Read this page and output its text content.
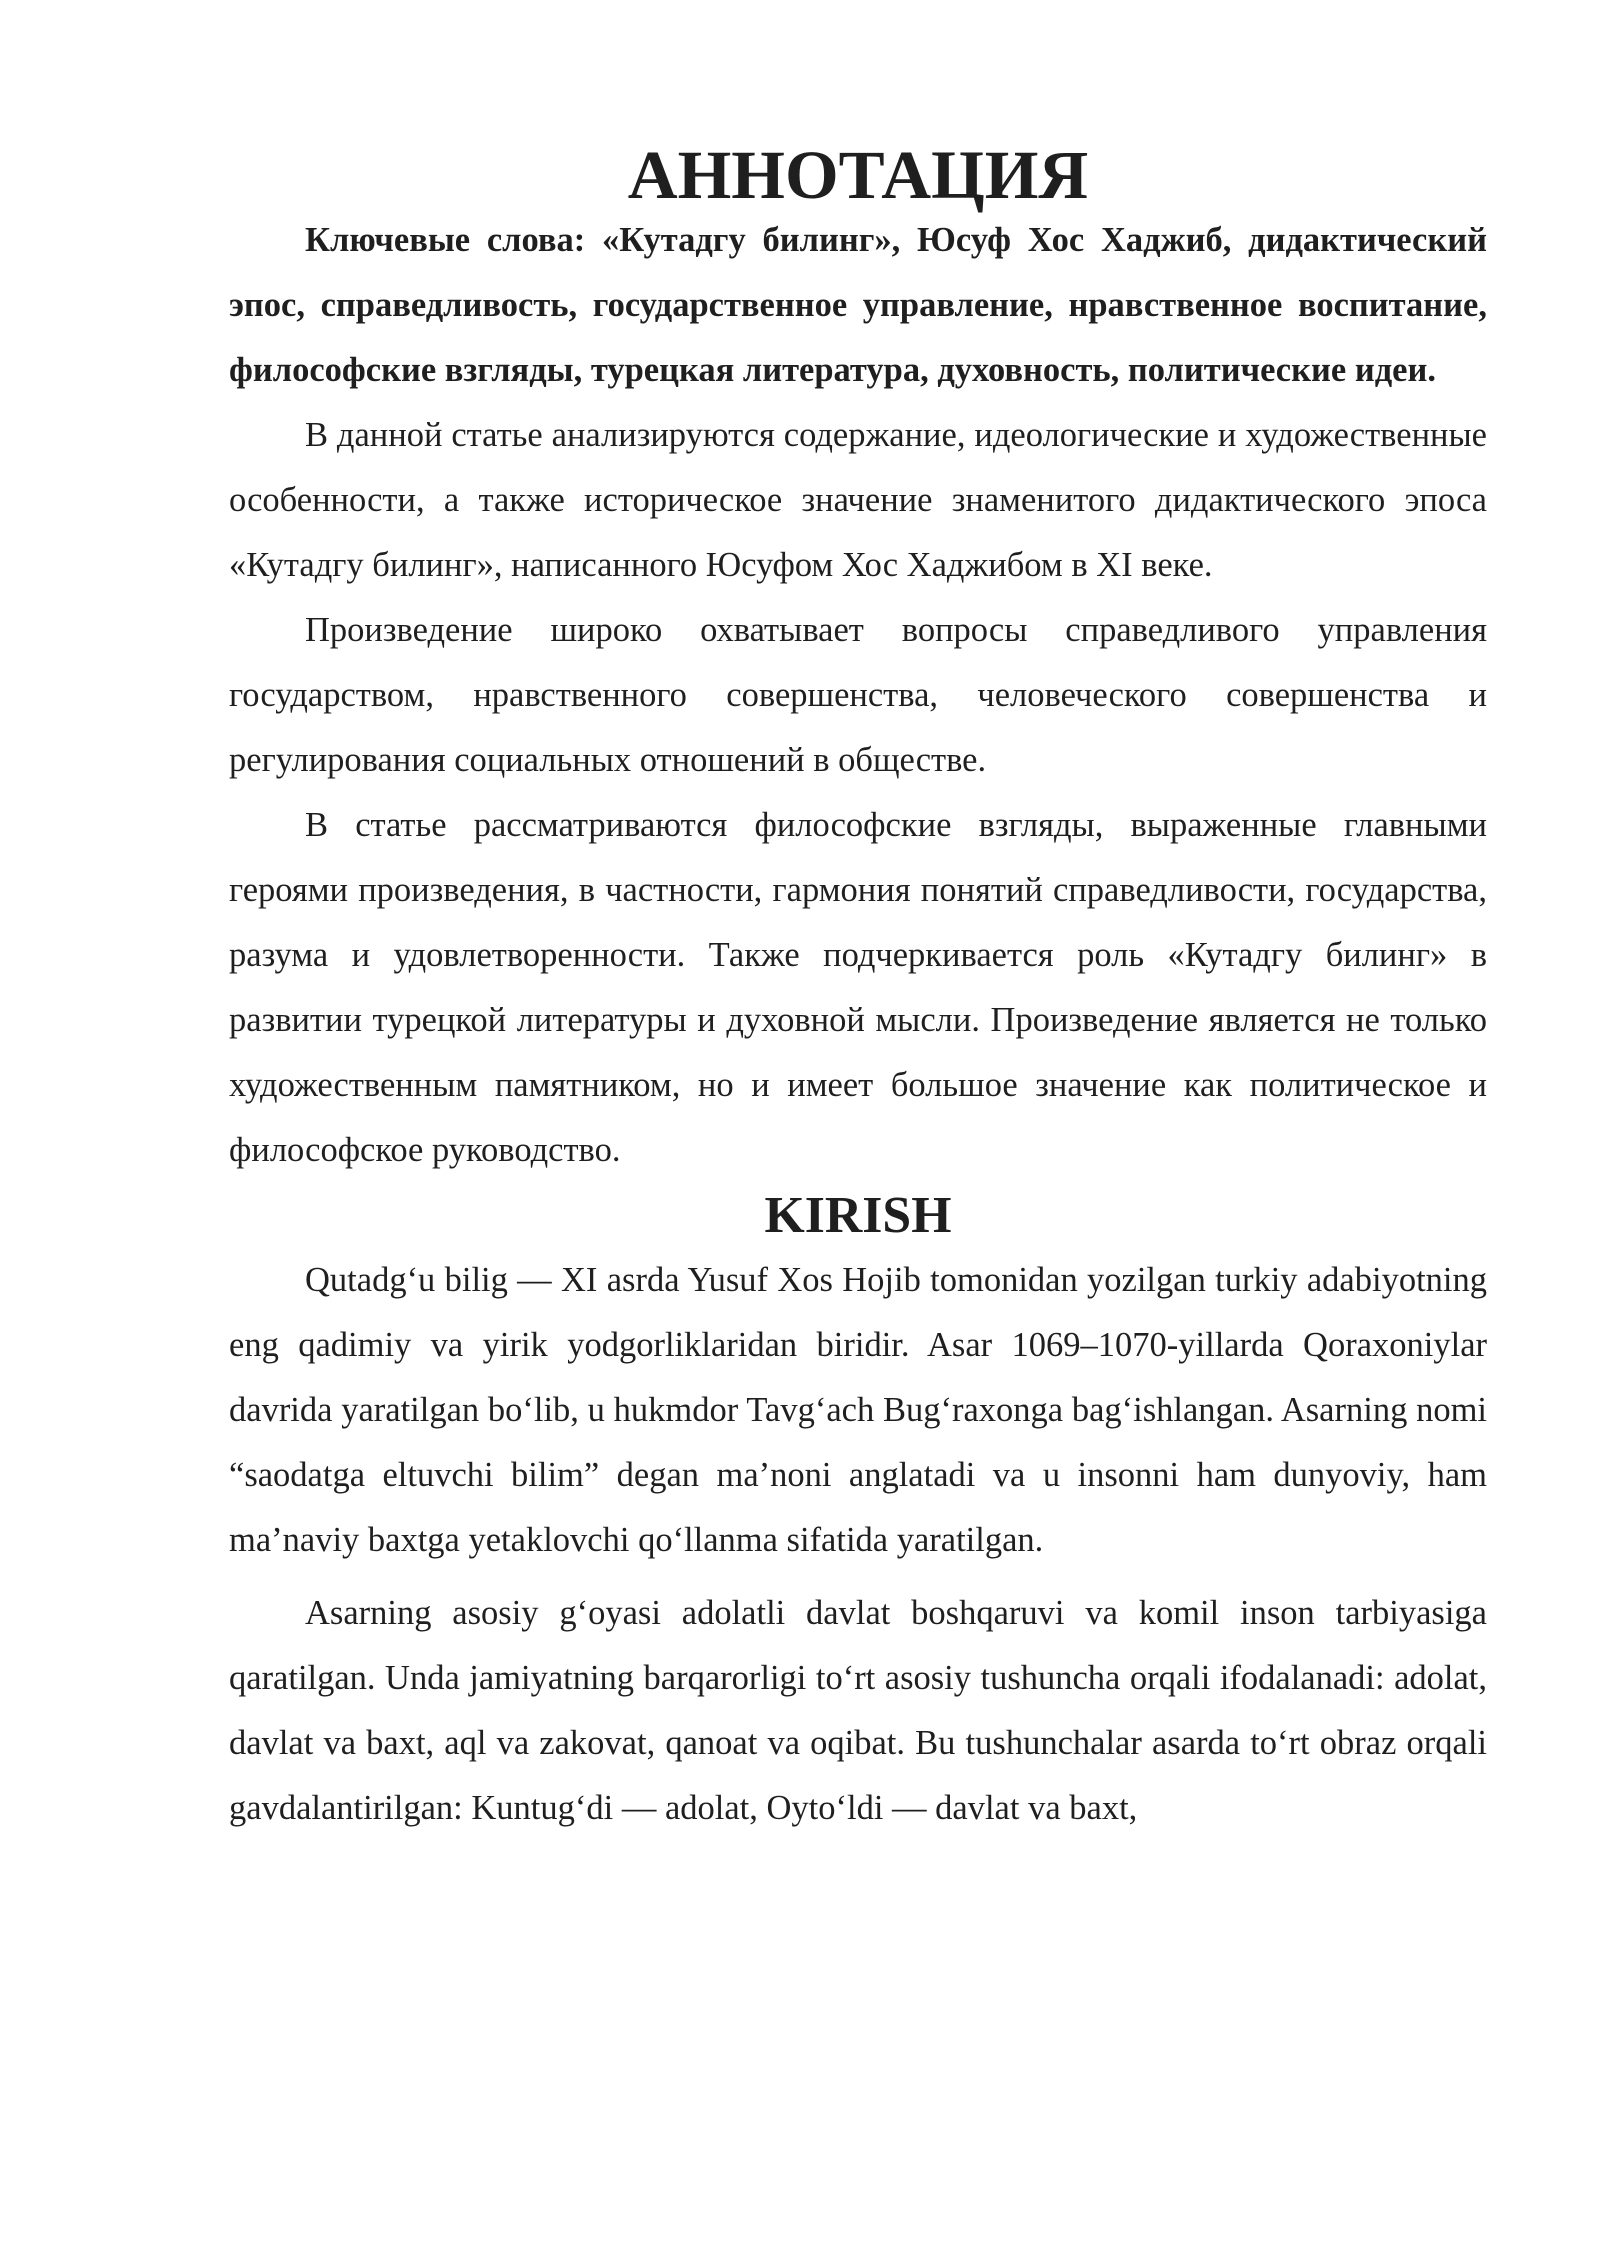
АННОТАЦИЯ

Ключевые слова: «Кутадгу билинг», Юсуф Хос Хаджиб, дидактический эпос, справедливость, государственное управление, нравственное воспитание, философские взгляды, турецкая литература, духовность, политические идеи.

В данной статье анализируются содержание, идеологические и художественные особенности, а также историческое значение знаменитого дидактического эпоса «Кутадгу билинг», написанного Юсуфом Хос Хаджибом в XI веке.

Произведение широко охватывает вопросы справедливого управления государством, нравственного совершенства, человеческого совершенства и регулирования социальных отношений в обществе.

В статье рассматриваются философские взгляды, выраженные главными героями произведения, в частности, гармония понятий справедливости, государства, разума и удовлетворенности. Также подчеркивается роль «Кутадгу билинг» в развитии турецкой литературы и духовной мысли. Произведение является не только художественным памятником, но и имеет большое значение как политическое и философское руководство.

KIRISH

Qutadg‘u bilig — XI asrda Yusuf Xos Hojib tomonidan yozilgan turkiy adabiyotning eng qadimiy va yirik yodgorliklaridan biridir. Asar 1069–1070-yillarda Qoraxoniylar davrida yaratilgan bo‘lib, u hukmdor Tavg‘ach Bug‘raxonga bag‘ishlangan. Asarning nomi “saodatga eltuvchi bilim” degan ma’noni anglatadi va u insonni ham dunyoviy, ham ma’naviy baxtga yetaklovchi qo‘llanma sifatida yaratilgan.

Asarning asosiy g‘oyasi adolatli davlat boshqaruvi va komil inson tarbiyasiga qaratilgan. Unda jamiyatning barqarorligi to‘rt asosiy tushuncha orqali ifodalanadi: adolat, davlat va baxt, aql va zakovat, qanoat va oqibat. Bu tushunchalar asarda to‘rt obraz orqali gavdalantirilgan: Kuntug‘di — adolat, Oyto‘ldi — davlat va baxt,
